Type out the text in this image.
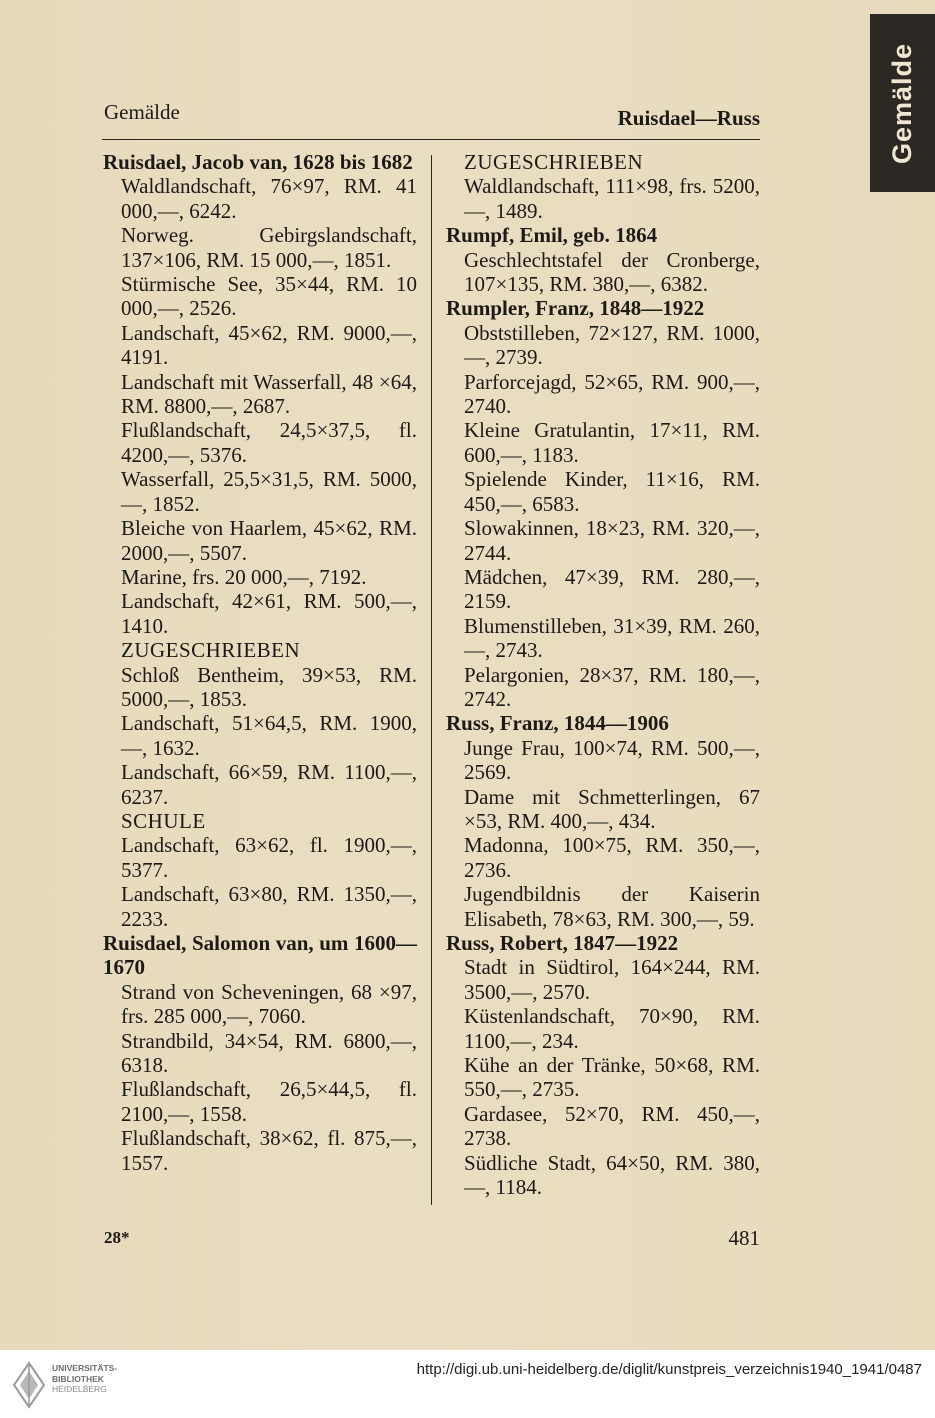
Gemälde
Gemälde	Ruisdael—Russ
Ruisdael, Jacob van, 1628 bis 1682
Waldlandschaft, 76×97, RM. 41 000,—, 6242.
Norweg. Gebirgslandschaft, 137×106, RM. 15 000,—, 1851.
Stürmische See, 35×44, RM. 10 000,—, 2526.
Landschaft, 45×62, RM. 9000,—, 4191.
Landschaft mit Wasserfall, 48 ×64, RM. 8800,—, 2687.
Flußlandschaft, 24,5×37,5, fl. 4200,—, 5376.
Wasserfall, 25,5×31,5, RM. 5000,—, 1852.
Bleiche von Haarlem, 45×62, RM. 2000,—, 5507.
Marine, frs. 20 000,—, 7192.
Landschaft, 42×61, RM. 500,—, 1410.
ZUGESCHRIEBEN
Schloß Bentheim, 39×53, RM. 5000,—, 1853.
Landschaft, 51×64,5, RM. 1900,—, 1632.
Landschaft, 66×59, RM. 1100,—, 6237.
SCHULE
Landschaft, 63×62, fl. 1900,—, 5377.
Landschaft, 63×80, RM. 1350,—, 2233.
Ruisdael, Salomon van, um 1600—1670
Strand von Scheveningen, 68 ×97, frs. 285 000,—, 7060.
Strandbild, 34×54, RM. 6800,—, 6318.
Flußlandschaft, 26,5×44,5, fl. 2100,—, 1558.
Flußlandschaft, 38×62, fl. 875,—, 1557.
ZUGESCHRIEBEN
Waldlandschaft, 111×98, frs. 5200,—, 1489.
Rumpf, Emil, geb. 1864
Geschlechtstafel der Cronberge, 107×135, RM. 380,—, 6382.
Rumpler, Franz, 1848—1922
Obststilleben, 72×127, RM. 1000,—, 2739.
Parforcejagd, 52×65, RM. 900,—, 2740.
Kleine Gratulantin, 17×11, RM. 600,—, 1183.
Spielende Kinder, 11×16, RM. 450,—, 6583.
Slowakinnen, 18×23, RM. 320,—, 2744.
Mädchen, 47×39, RM. 280,—, 2159.
Blumenstilleben, 31×39, RM. 260,—, 2743.
Pelargonien, 28×37, RM. 180,—, 2742.
Russ, Franz, 1844—1906
Junge Frau, 100×74, RM. 500,—, 2569.
Dame mit Schmetterlingen, 67 ×53, RM. 400,—, 434.
Madonna, 100×75, RM. 350,—, 2736.
Jugendbildnis der Kaiserin Elisabeth, 78×63, RM. 300,—, 59.
Russ, Robert, 1847—1922
Stadt in Südtirol, 164×244, RM. 3500,—, 2570.
Küstenlandschaft, 70×90, RM. 1100,—, 234.
Kühe an der Tränke, 50×68, RM. 550,—, 2735.
Gardasee, 52×70, RM. 450,—, 2738.
Südliche Stadt, 64×50, RM. 380,—, 1184.
28*	481
UNIVERSITÄTS-
BIBLIOTHEK
HEIDELBERG
http://digi.ub.uni-heidelberg.de/diglit/kunstpreis_verzeichnis1940_1941/0487
